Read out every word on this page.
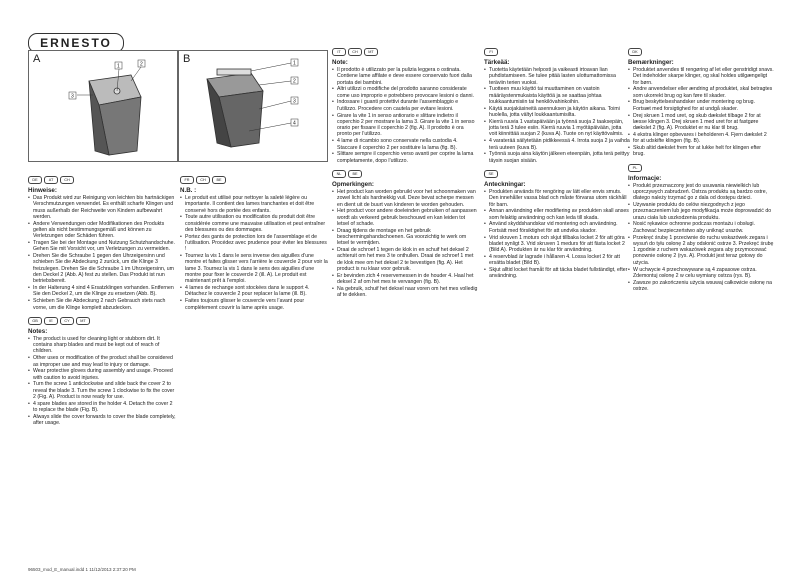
ERNESTO
A
1	2
3
B	1
2
3
4
DE	AT	CH
Hinweise:
• Das Produkt wird zur Reinigung von leichten bis hartnäckigen Verschmutzungen verwendet. Es enthält scharfe Klingen und muss außerhalb der Reichweite von Kindern aufbewahrt werden.
• Andere Verwendungen oder Modifikationen des Produkts gelten als nicht bestimmungsgemäß und können zu Verletzungen oder Schäden führen.
• Tragen Sie bei der Montage und Nutzung Schutzhandschuhe. Gehen Sie mit Vorsicht vor, um Verletzungen zu vermeiden.
• Drehen Sie die Schraube 1 gegen den Uhrzeigersinn und schieben Sie die Abdeckung 2 zurück, um die Klinge 3 freizulegen. Drehen Sie die Schraube 1 im Uhrzeigersinn, um den Deckel 2 (Abb. A) fest zu stellen. Das Produkt ist nun betriebsbereit.
• In der Halterung 4 sind 4 Ersatzklingen vorhanden. Entfernen Sie den Deckel 2, um die Klinge zu ersetzen (Abb. B).
• Schieben Sie die Abdeckung 2 nach Gebrauch stets nach vorne, um die Klinge komplett abzudecken.
GB	IE	CY	MT
Notes:
• The product is used for cleaning light or stubborn dirt. It contains sharp blades and must be kept out of reach of children.
• Other uses or modification of the product shall be considered as improper use and may lead to injury or damage.
• Wear protective gloves during assembly and usage. Proceed with caution to avoid injuries.
• Turn the screw 1 anticlockwise and slide back the cover 2 to reveal the blade 3. Turn the screw 1 clockwise to fix the cover 2 (Fig. A). Product is now ready for use.
• 4 spare blades are stored in the holder 4. Detach the cover 2 to replace the blade (Fig. B).
• Always slide the cover forwards to cover the blade completely, after usage.
FR	CH	BE
N.B. :
• Le produit est utilisé pour nettoyer la saleté légère ou importante. Il contient des lames tranchantes et doit être conservé hors de portée des enfants.
• Toute autre utilisation ou modification du produit doit être considérée comme une mauvaise utilisation et peut entraîner des blessures ou des dommages.
• Portez des gants de protection lors de l’assemblage et de l’utilisation. Procédez avec prudence pour éviter les blessures !
• Tournez la vis 1 dans le sens inverse des aiguilles d’une montre et faites glisser vers l’arrière le couvercle 2 pour voir la lame 3. Tournez la vis 1 dans le sens des aiguilles d’une montre pour fixer le couvercle 2 (ill. A). Le produit est maintenant prêt à l’emploi.
• 4 lames de rechange sont stockées dans le support 4. Détachez le couvercle 2 pour replacer la lame (ill. B).
• Faites toujours glisser le couvercle vers l’avant pour complètement couvrir la lame après usage.
IT	CH	MT
Note:
• Il prodotto è utilizzato per la pulizia leggera o ostinata. Contiene lame affilate e deve essere conservato fuori dalla portata dei bambini.
• Altri utilizzi o modifiche del prodotto saranno considerate come uso improprio e potrebbero provocare lesioni o danni.
• Indossare i guanti protettivi durante l’assemblaggio e l’utilizzo. Procedere con cautela per evitare lesioni.
• Girare la vite 1 in senso antiorario e slittare indietro il coperchio 2 per mostrare la lama 3. Girare la vite 1 in senso orario per fissare il coperchio 2 (fig. A). Il prodotto è ora pronto per l’utilizzo.
• 4 lame di ricambio sono conservate nella custodia 4. Staccare il coperchio 2 per sostituire la lama (fig. B).
• Slittare sempre il coperchio verso avanti per coprire la lama completamente, dopo l’utilizzo.
NL	BE
Opmerkingen:
• Het product kan worden gebruikt voor het schoonmaken van zowel licht als hardnekkig vuil. Deze bevat scherpe messen en dient uit de buurt van kinderen te worden gehouden.
• Het product voor andere doeleinden gebruiken of aanpassen wordt als verkeerd gebruik beschouwd en kan leiden tot letsel of schade.
• Draag tijdens de montage en het gebruik beschermingshandschoenen. Ga voorzichtig te werk om letsel te vermijden.
• Draai de schroef 1 tegen de klok in en schuif het deksel 2 achteruit om het mes 3 te onthullen. Draai de schroef 1 met de klok mee om het deksel 2 te bevestigen (fig. A). Het product is nu klaar voor gebruik.
• Er bevinden zich 4 reservemessen in de houder 4. Haal het deksel 2 af om het mes te vervangen (fig. B).
• Na gebruik, schuif het deksel naar voren om het mes volledig af te dekken.
FI
Tärkeää:
• Tuotetta käytetään helposti ja vaikeasti irtoavan lian puhdistamiseen. Se tulee pitää lasten ulottumattomissa teräviin terien vuoksi.
• Tuotteen muu käyttö tai muuttaminen on vastoin määräystenmukaista käyttöä ja se saattaa johtaa loukkaantumisiin tai henkilövahinkoihin.
• Käytä suojakäsineitä asennuksen ja käytön aikana. Toimi huolella, jotta vältyt loukkaantumisilta.
• Kierrä ruuvia 1 vastapäivään ja työnnä suoja 2 taaksepäin, jotta terä 3 tulee esiin. Kierrä ruuvia 1 myötäpäivään, jotta voit kiinnittää suojan 2 (kuva A). Tuote on nyt käyttövalmis.
• 4 varaterää säilytetään pidikkeessä 4. Irrota suoja 2 ja vaihda terä uuteen (kuva B).
• Työnnä suoja aina käytön jälkeen eteenpäin, jotta terä peittyy täysin suojan sisään.
SE
Anteckningar:
• Produkten används för rengöring av lätt eller envis smuts. Den innehåller vassa blad och måste förvaras utom räckhåll för barn.
• Annan användning eller modifiering av produkten skall anses som felaktig användning och kan leda till skada.
• Använd skyddshandskar vid montering och användning. Fortsätt med försiktighet för att undvika skador.
• Vrid skruven 1 moturs och skjut tillbaka locket 2 för att göra bladet synligt 3. Vrid skruven 1 medurs för att fästa locket 2 (Bild A). Produkten är nu klar för användning.
• 4 reservblad är lagrade i hållaren 4. Lossa locket 2 för att ersätta bladet (Bild B).
• Skjut alltid locket framåt för att täcka bladet fullständigt, efter användning.
DK
Bemærkninger:
• Produktet anvendes til rengøring af let eller genstridigt snavs. Det indeholder skarpe klinger, og skal holdes utilgængeligt for børn.
• Andre anvendelser eller ændring af produktet, skal betragtes som ukorrekt brug og kan føre til skader.
• Brug beskyttelseshandsker under montering og brug. Fortsæt med forsigtighed for at undgå skader.
• Drej skruen 1 mod uret, og skub dækslet tilbage 2 for at læsse klingen 3. Drej skruen 1 med uret for at fastgøre dækslet 2 (fig. A). Produktet er nu klar til brug.
• 4 ekstra klinger opbevares i beholderen 4. Fjern dækslet 2 for at udskifte klingen (fig. B).
• Skub altid dækslet frem for at lukke helt for klingen efter brug.
PL
Informacje:
• Produkt przeznaczony jest do usuwania niewielkich lub uporczywych zabrudzeń. Ostrza produktu są bardzo ostre, dlatego należy trzymać go z dala od dostępu dzieci.
• Używanie produktu do celów niezgodnych z jego przeznaczeniem lub jego modyfikacja może doprowadzić do urazu ciała lub uszkodzenia produktu.
• Nosić rękawice ochronne podczas montażu i obsługi. Zachować bezpieczeństwo aby uniknąć urazów.
• Przekręć śrubę 1 przeciwnie do ruchu wskazówek zegara i wysuń do tyłu osłonę 2 aby odsłonić ostrze 3. Przekręć śrubę 1 zgodnie z ruchem wskazówek zegara aby przymocować ponownie osłonę 2 (rys. A). Produkt jest teraz gotowy do użycia.
• W uchwycie 4 przechowywane są 4 zapasowe ostrza. Zdemontuj osłonę 2 w celu wymiany ostrza (rys. B).
• Zawsze po zakończeniu użycia wsuwaj całkowicie osłonę na ostrze.
96503_mod_E_manual.indd 1 11/12/2013 2:37:20 PM
